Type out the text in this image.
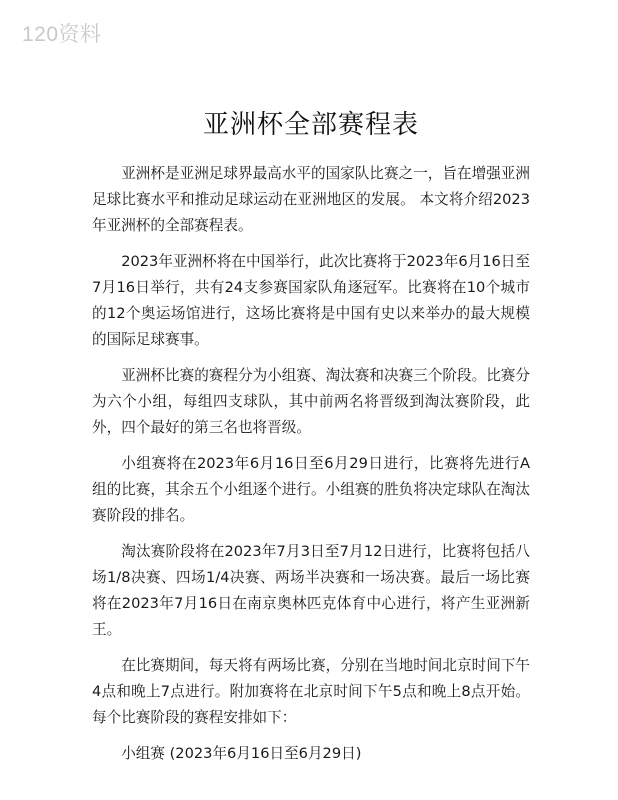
120资料
亚洲杯全部赛程表

亚洲杯是亚洲足球界最高水平的国家队比赛之一，旨在增强亚洲足球比赛水平和推动足球运动在亚洲地区的发展。 本文将介绍2023年亚洲杯的全部赛程表。

2023年亚洲杯将在中国举行，此次比赛将于2023年6月16日至7月16日举行，共有24支参赛国家队角逐冠军。比赛将在10个城市的12个奥运场馆进行，这场比赛将是中国有史以来举办的最大规模的国际足球赛事。

亚洲杯比赛的赛程分为小组赛、淘汰赛和决赛三个阶段。比赛分为六个小组，每组四支球队，其中前两名将晋级到淘汰赛阶段，此外，四个最好的第三名也将晋级。

小组赛将在2023年6月16日至6月29日进行，比赛将先进行A组的比赛，其余五个小组逐个进行。小组赛的胜负将决定球队在淘汰赛阶段的排名。

淘汰赛阶段将在2023年7月3日至7月12日进行，比赛将包括八场1/8决赛、四场1/4决赛、两场半决赛和一场决赛。最后一场比赛将在2023年7月16日在南京奥林匹克体育中心进行，将产生亚洲新王。

在比赛期间，每天将有两场比赛，分别在当地时间北京时间下午4点和晚上7点进行。附加赛将在北京时间下午5点和晚上8点开始。每个比赛阶段的赛程安排如下：

小组赛 (2023年6月16日至6月29日)
